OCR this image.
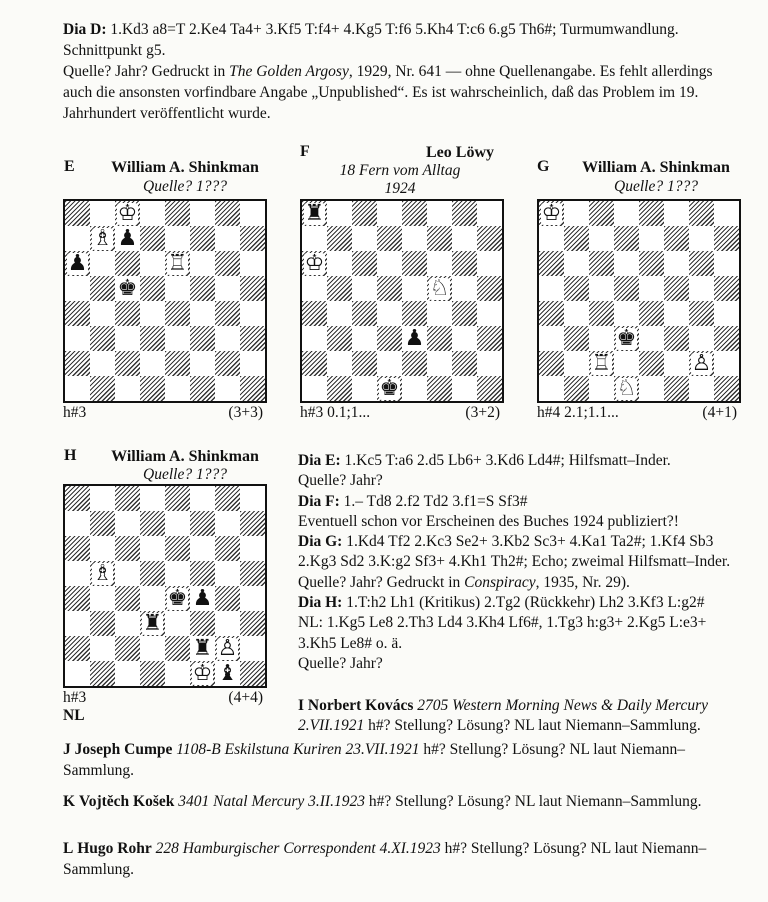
Dia D: 1.Kd3 a8=T 2.Ke4 Ta4+ 3.Kf5 T:f4+ 4.Kg5 T:f6 5.Kh4 T:c6 6.g5 Th6#; Turmumwandlung. Schnittpunkt g5.
Quelle? Jahr? Gedruckt in The Golden Argosy, 1929, Nr. 641 — ohne Quellenangabe. Es fehlt allerdings auch die ansonsten vorfindbare Angabe „Unpublished“. Es ist wahrscheinlich, daß das Problem im 19. Jahrhundert veröffentlicht wurde.
E	William A. Shinkman
Quelle? 1???
♔
♗ ♟
♟	♖
♚
h#3	(3+3)
F	Leo Löwy
18 Fern vom Alltag
1924
♜
♔
♘
♟
♚
h#3 0.1;1...	(3+2)
G	William A. Shinkman
Quelle? 1???
♔
♚
♖	♙
♘
h#4 2.1;1.1...	(4+1)
H	William A. Shinkman
Quelle? 1???
♗
♚ ♟
♜
♜ ♙
♔ ♝
h#3	(4+4)
NL
Dia E: 1.Kc5 T:a6 2.d5 Lb6+ 3.Kd6 Ld4#; Hilfsmatt–Inder.
Quelle? Jahr?
Dia F: 1.– Td8 2.f2 Td2 3.f1=S Sf3#
Eventuell schon vor Erscheinen des Buches 1924 publiziert?!
Dia G: 1.Kd4 Tf2 2.Kc3 Se2+ 3.Kb2 Sc3+ 4.Ka1 Ta2#; 1.Kf4 Sb3 2.Kg3 Sd2 3.K:g2 Sf3+ 4.Kh1 Th2#; Echo; zweimal Hilfsmatt–Inder.
Quelle? Jahr? Gedruckt in Conspiracy, 1935, Nr. 29).
Dia H: 1.T:h2 Lh1 (Kritikus) 2.Tg2 (Rückkehr) Lh2 3.Kf3 L:g2#
NL: 1.Kg5 Le8 2.Th3 Ld4 3.Kh4 Lf6#, 1.Tg3 h:g3+ 2.Kg5 L:e3+ 3.Kh5 Le8# o. ä.
Quelle? Jahr?
I Norbert Kovács 2705 Western Morning News & Daily Mercury 2.VII.1921 h#? Stellung? Lösung? NL laut Niemann–Sammlung.
J Joseph Cumpe 1108-B Eskilstuna Kuriren 23.VII.1921 h#? Stellung? Lösung? NL laut Niemann–Sammlung.
K Vojtěch Košek 3401 Natal Mercury 3.II.1923 h#? Stellung? Lösung? NL laut Niemann–Sammlung.
L Hugo Rohr 228 Hamburgischer Correspondent 4.XI.1923 h#? Stellung? Lösung? NL laut Niemann–Sammlung.
